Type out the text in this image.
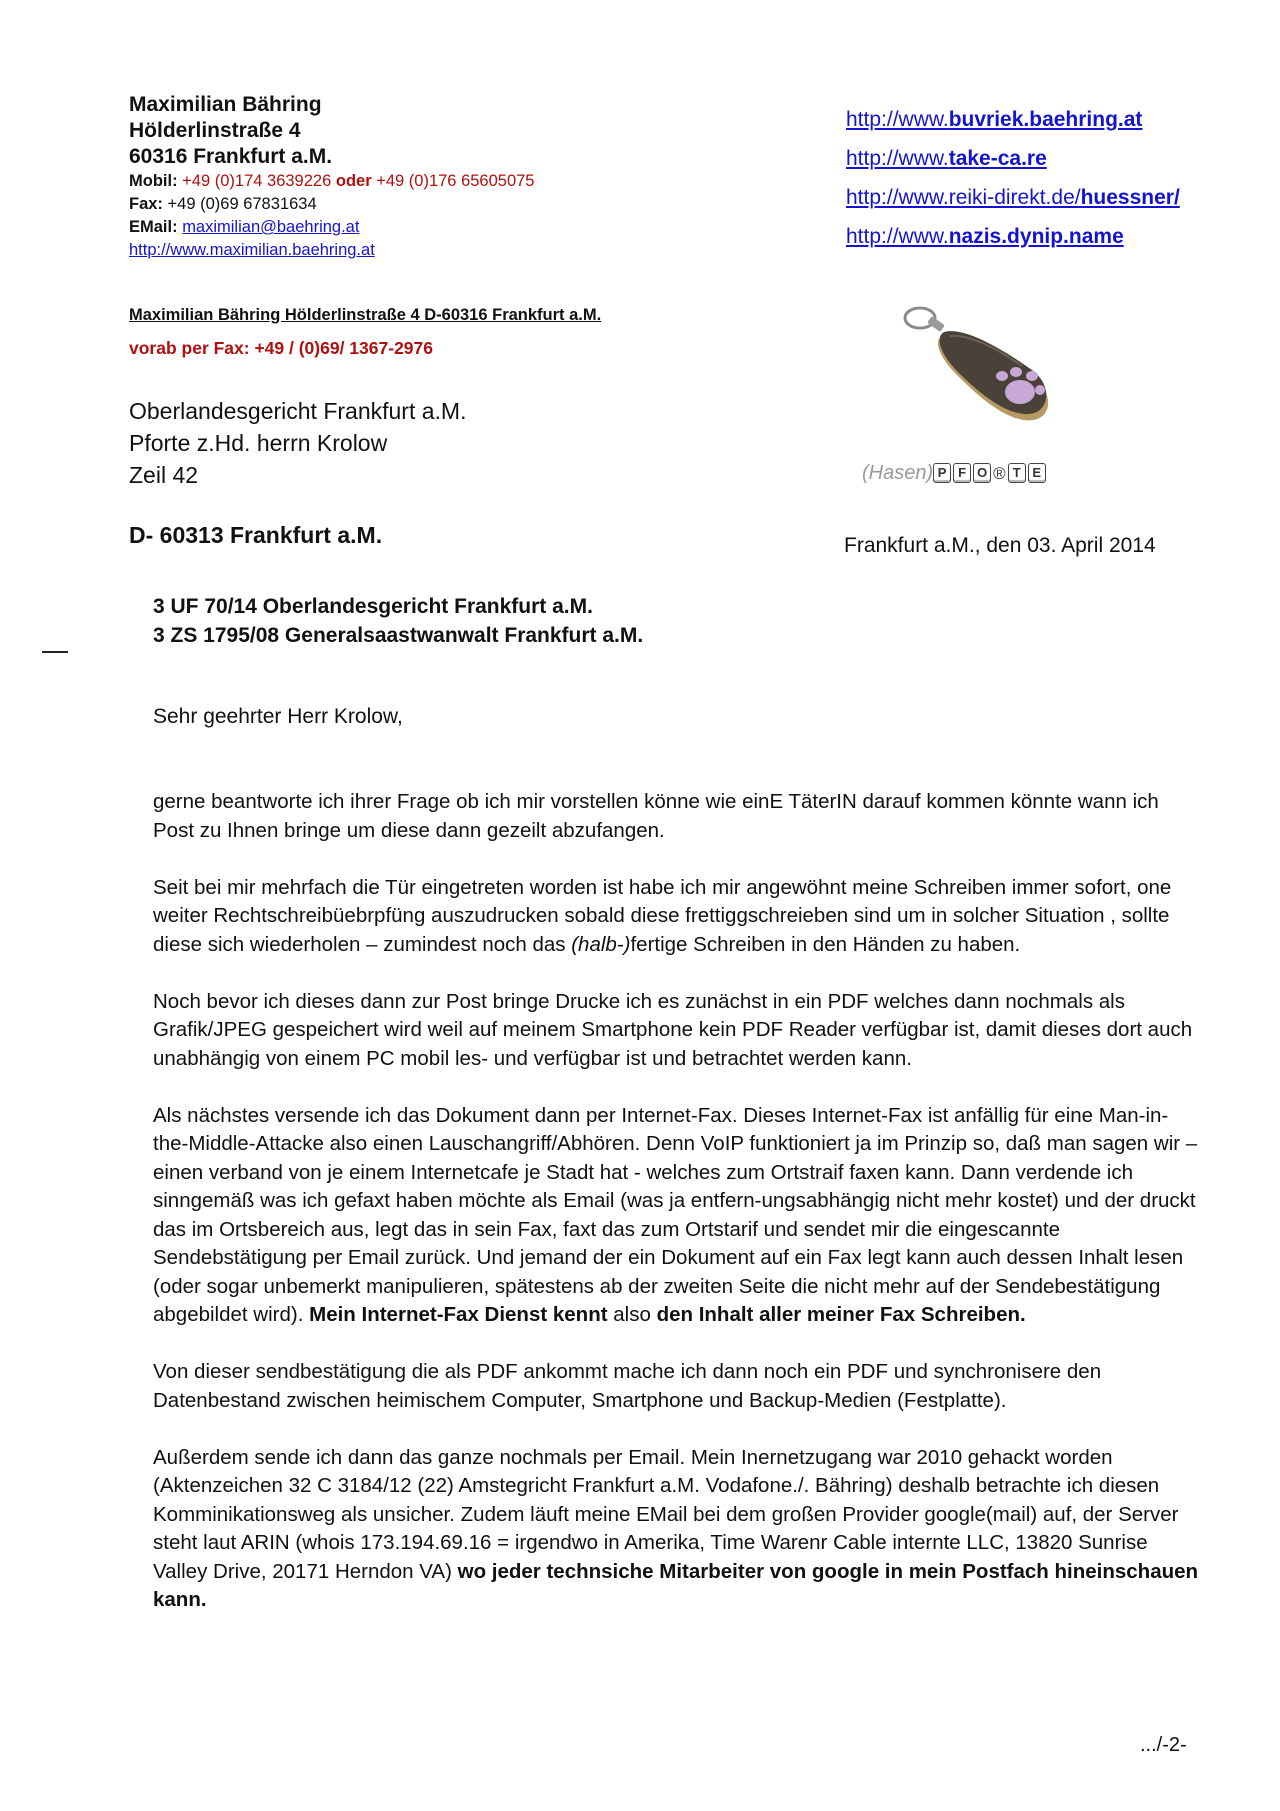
Maximilian Bähring
Hölderlinstraße 4
60316 Frankfurt a.M.
Mobil: +49 (0)174 3639226 oder +49 (0)176 65605075
Fax: +49 (0)69 67831634
EMail: maximilian@baehring.at
http://www.maximilian.baehring.at
http://www.buvriek.baehring.at
http://www.take-ca.re
http://www.reiki-direkt.de/huessner/
http://www.nazis.dynip.name
Maximilian Bähring Hölderlinstraße 4 D-60316 Frankfurt a.M.
vorab per Fax: +49 / (0)69/ 1367-2976
Oberlandesgericht Frankfurt a.M.
Pforte z.Hd. herrn Krolow
Zeil 42
D- 60313 Frankfurt a.M.
(Hasen) P F O ® T E
Frankfurt a.M., den 03. April 2014
3 UF 70/14 Oberlandesgericht Frankfurt a.M.
3 ZS 1795/08 Generalsaastwanwalt Frankfurt a.M.
Sehr geehrter Herr Krolow,

gerne beantworte ich ihrer Frage ob ich mir vorstellen könne wie einE TäterIN darauf kommen könnte wann ich Post zu Ihnen bringe um diese dann gezeilt abzufangen.

Seit bei mir mehrfach die Tür eingetreten worden ist habe ich mir angewöhnt meine Schreiben immer sofort, one weiter Rechtschreibüebrpfüng auszudrucken sobald diese frettiggschreieben sind um in solcher Situation , sollte diese sich wiederholen – zumindest noch das (halb-)fertige Schreiben in den Händen zu haben.

Noch bevor ich dieses dann zur Post bringe Drucke ich es zunächst in ein PDF welches dann nochmals als Grafik/JPEG gespeichert wird weil auf meinem Smartphone kein PDF Reader verfügbar ist, damit dieses dort auch unabhängig von einem PC mobil les- und verfügbar ist und betrachtet werden kann.

Als nächstes versende ich das Dokument dann per Internet-Fax. Dieses Internet-Fax ist anfällig für eine Man-in-the-Middle-Attacke also einen Lauschangriff/Abhören. Denn VoIP funktioniert ja im Prinzip so, daß man sagen wir – einen verband von je einem Internetcafe je Stadt hat - welches zum Ortstraif faxen kann. Dann verdende ich sinngemäß was ich gefaxt haben möchte als Email (was ja entfern-ungsabhängig nicht mehr kostet) und der druckt das im Ortsbereich aus, legt das in sein Fax, faxt das zum Ortstarif und sendet mir die eingescannte Sendebstätigung per Email zurück. Und jemand der ein Dokument auf ein Fax legt kann auch dessen Inhalt lesen (oder sogar unbemerkt manipulieren, spätestens ab der zweiten Seite die nicht mehr auf der Sendebestätigung abgebildet wird). Mein Internet-Fax Dienst kennt also den Inhalt aller meiner Fax Schreiben.

Von dieser sendbestätigung die als PDF ankommt mache ich dann noch ein PDF und synchronisere den Datenbestand zwischen heimischem Computer, Smartphone und Backup-Medien (Festplatte).

Außerdem sende ich dann das ganze nochmals per Email. Mein Inernetzugang war 2010 gehackt worden (Aktenzeichen 32 C 3184/12 (22) Amstegricht Frankfurt a.M. Vodafone./. Bähring) deshalb betrachte ich diesen Komminikationsweg als unsicher. Zudem läuft meine EMail bei dem großen Provider google(mail) auf, der Server steht laut ARIN (whois 173.194.69.16 = irgendwo in Amerika, Time Warenr Cable internte LLC, 13820 Sunrise Valley Drive, 20171 Herndon VA) wo jeder technsiche Mitarbeiter von google in mein Postfach hineinschauen kann.

.../-2-
